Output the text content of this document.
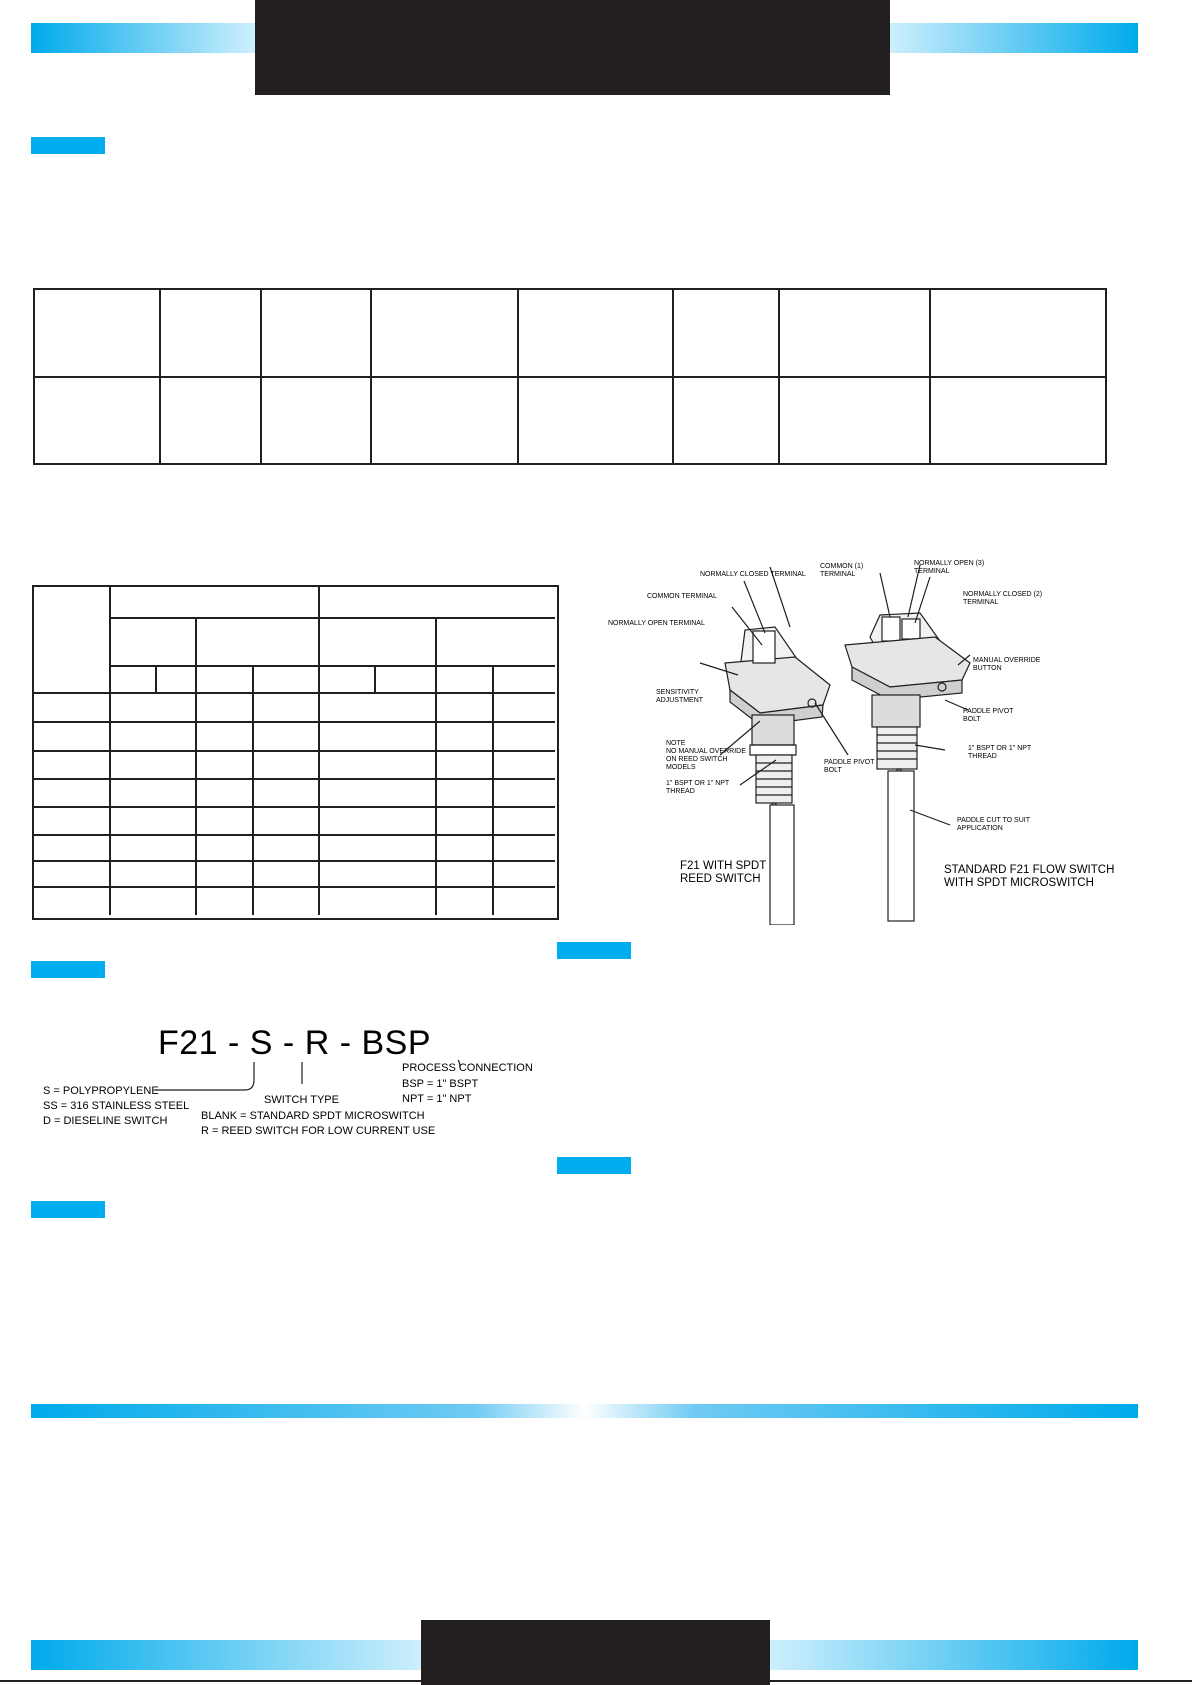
NORMALLY CLOSED TERMINAL
COMMON TERMINAL
NORMALLY OPEN TERMINAL
SENSITIVITY
ADJUSTMENT
NOTE
NO MANUAL OVERRIDE
ON REED SWITCH
MODELS
1" BSPT OR 1" NPT
THREAD
PADDLE PIVOT
BOLT
COMMON (1)
TERMINAL
NORMALLY OPEN (3)
TERMINAL
NORMALLY CLOSED (2)
TERMINAL
MANUAL OVERRIDE
BUTTON
PADDLE PIVOT
BOLT
1" BSPT OR 1" NPT
THREAD
PADDLE CUT TO SUIT
APPLICATION
F21 WITH SPDT
REED SWITCH
STANDARD F21 FLOW SWITCH
WITH SPDT MICROSWITCH
F21 - S - R - BSP
S = POLYPROPYLENE
SS = 316 STAINLESS STEEL
D = DIESELINE SWITCH
SWITCH TYPE
BLANK = STANDARD SPDT MICROSWITCH
R = REED SWITCH FOR LOW CURRENT USE
PROCESS CONNECTION
BSP = 1" BSPT
NPT = 1" NPT
